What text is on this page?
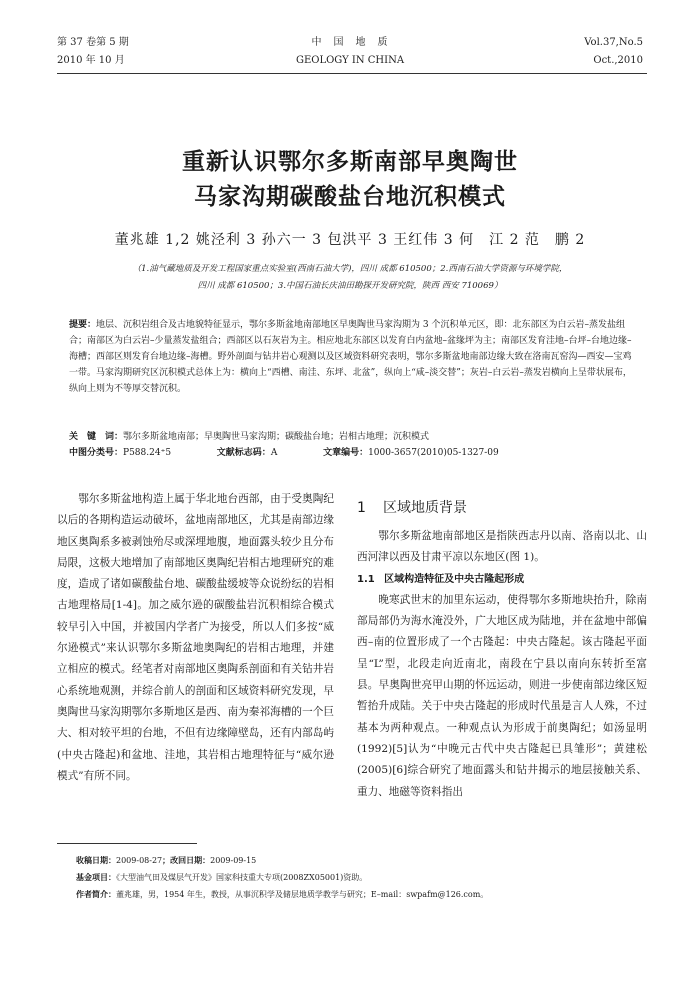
第 37 卷第 5 期
2010 年 10 月
中　国　地　质
GEOLOGY IN CHINA
Vol.37,No.5
Oct.,2010
重新认识鄂尔多斯南部早奥陶世
马家沟期碳酸盐台地沉积模式
董兆雄 1,2 姚泾利 3 孙六一 3 包洪平 3 王红伟 3 何　江 2 范　鹏 2
（1.油气藏地质及开发工程国家重点实验室(西南石油大学)，四川 成都 610500；2.西南石油大学资源与环境学院，
四川 成都 610500；3.中国石油长庆油田勘探开发研究院，陕西 西安 710069）
提要：地层、沉积岩组合及古地貌特征显示，鄂尔多斯盆地南部地区早奥陶世马家沟期为 3 个沉积单元区，即：北东部区为白云岩–蒸发盐组合；南部区为白云岩–少量蒸发盐组合；西部区以石灰岩为主。相应地北东部区以发育白内盆地–盆缘坪为主；南部区发育洼地–台坪–台地边缘–海槽；西部区则发育台地边缘–海槽。野外剖面与钻井岩心观测以及区域资料研究表明，鄂尔多斯盆地南部边缘大致在洛南瓦窑沟—西安—宝鸡一带。马家沟期研究区沉积模式总体上为：横向上“西槽、南洼、东坪、北盆”，纵向上“咸–淡交替”；灰岩–白云岩–蒸发岩横向上呈带状展布，纵向上则为不等厚交替沉积。
关　键　词：鄂尔多斯盆地南部；早奥陶世马家沟期；碳酸盐台地；岩相古地理；沉积模式
中图分类号：P588.24⁺5	文献标志码：A	文章编号：1000-3657(2010)05-1327-09

鄂尔多斯盆地构造上属于华北地台西部，由于受奥陶纪以后的各期构造运动破坏，盆地南部地区，尤其是南部边缘地区奥陶系多被剥蚀殆尽或深埋地腹，地面露头较少且分布局限，这极大地增加了南部地区奥陶纪岩相古地理研究的难度，造成了诸如碳酸盐台地、碳酸盐缓坡等众说纷纭的岩相古地理格局[1-4]。加之威尔逊的碳酸盐岩沉积相综合模式较早引入中国，并被国内学者广为接受，所以人们多按“威尔逊模式”来认识鄂尔多斯盆地奥陶纪的岩相古地理，并建立相应的模式。经笔者对南部地区奥陶系剖面和有关钻井岩心系统地观测，并综合前人的剖面和区域资料研究发现，早奥陶世马家沟期鄂尔多斯地区是西、南为秦祁海槽的一个巨大、相对较平坦的台地，不但有边缘障壁岛，还有内部岛屿(中央古隆起)和盆地、洼地，其岩相古地理特征与“威尔逊模式”有所不同。

1 区域地质背景

鄂尔多斯盆地南部地区是指陕西志丹以南、洛南以北、山西河津以西及甘肃平凉以东地区(图 1)。

1.1 区域构造特征及中央古隆起形成

晚寒武世末的加里东运动，使得鄂尔多斯地块抬升，除南部局部仍为海水淹没外，广大地区成为陆地，并在盆地中部偏西–南的位置形成了一个古隆起：中央古隆起。该古隆起平面呈“L”型，北段走向近南北，南段在宁县以南向东转折至富县。早奥陶世亮甲山期的怀远运动，则进一步使南部边缘区短暂抬升成陆。关于中央古隆起的形成时代虽是言人人殊，不过基本为两种观点。一种观点认为形成于前奥陶纪；如汤显明(1992)[5]认为“中晚元古代中央古隆起已具雏形”；黄建松(2005)[6]综合研究了地面露头和钻井揭示的地层接触关系、重力、地磁等资料指出

收稿日期：2009-08-27；改回日期：2009-09-15
基金项目：《大型油气田及煤层气开发》国家科技重大专项(2008ZX05001)资助。
作者简介：董兆雄，男，1954 年生，教授，从事沉积学及储层地质学教学与研究；E–mail：swpafm@126.com。
